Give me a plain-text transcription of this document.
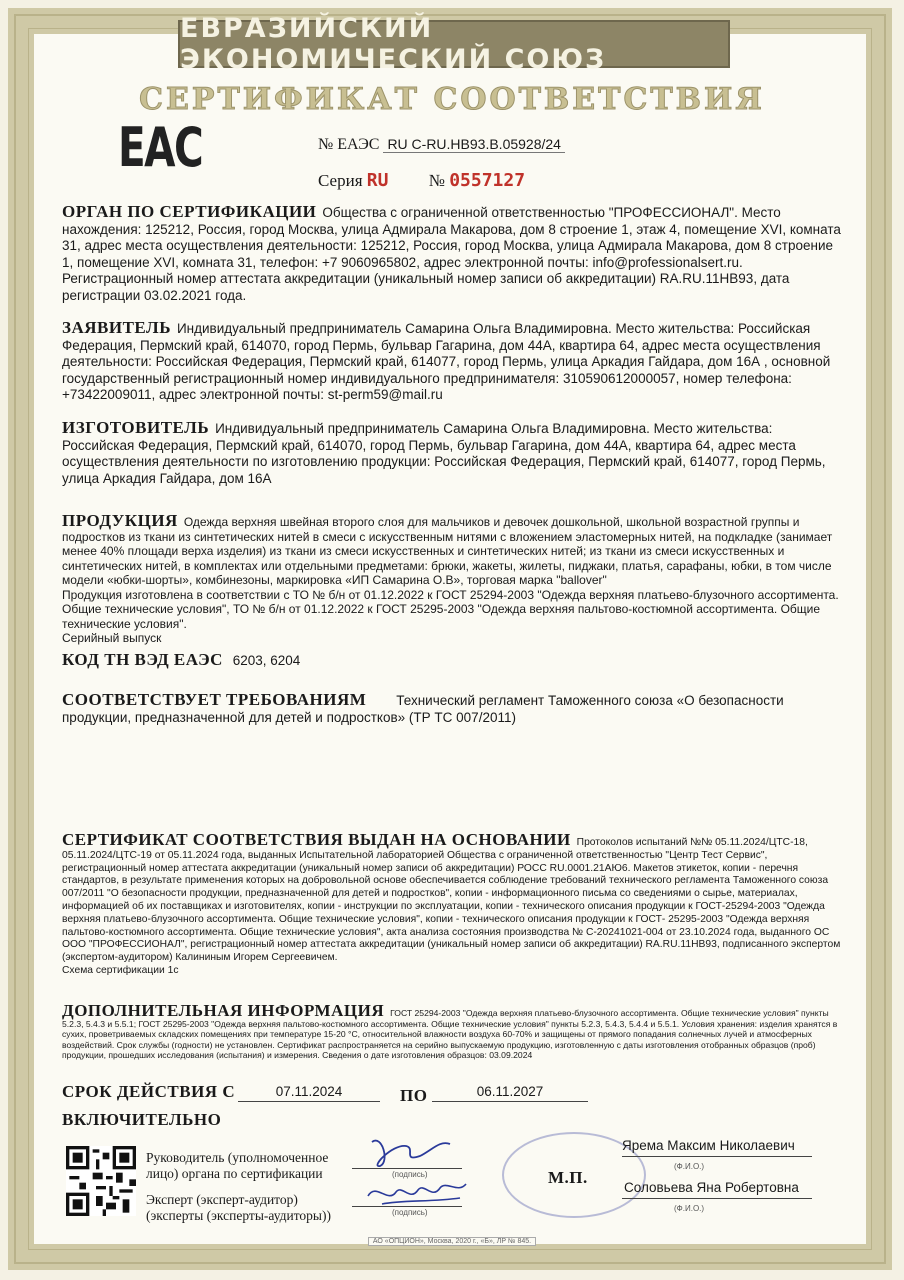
ЕВРАЗИЙСКИЙ ЭКОНОМИЧЕСКИЙ СОЮЗ
СЕРТИФИКАТ СООТВЕТСТВИЯ
ЕАС	№ ЕАЭС RU C-RU.НВ93.В.05928/24
Серия RU № 0557127
ОРГАН ПО СЕРТИФИКАЦИИ Общества с ограниченной ответственностью "ПРОФЕССИОНАЛ". Место нахождения: 125212, Россия, город Москва, улица Адмирала Макарова, дом 8 строение 1, этаж 4, помещение XVI, комната 31, адрес места осуществления деятельности: 125212, Россия, город Москва, улица Адмирала Макарова, дом 8 строение 1, помещение XVI, комната 31, телефон: +7 9060965802, адрес электронной почты: info@professionalsert.ru. Регистрационный номер аттестата аккредитации (уникальный номер записи об аккредитации) RA.RU.11НВ93, дата регистрации 03.02.2021 года.
ЗАЯВИТЕЛЬ Индивидуальный предприниматель Самарина Ольга Владимировна. Место жительства: Российская Федерация, Пермский край, 614070, город Пермь, бульвар Гагарина, дом 44А, квартира 64, адрес места осуществления деятельности: Российская Федерация, Пермский край, 614077, город Пермь, улица Аркадия Гайдара, дом 16А , основной государственный регистрационный номер индивидуального предпринимателя: 310590612000057, номер телефона: +73422009011, адрес электронной почты: st-perm59@mail.ru
ИЗГОТОВИТЕЛЬ Индивидуальный предприниматель Самарина Ольга Владимировна. Место жительства: Российская Федерация, Пермский край, 614070, город Пермь, бульвар Гагарина, дом 44А, квартира 64, адрес места осуществления деятельности по изготовлению продукции: Российская Федерация, Пермский край, 614077, город Пермь, улица Аркадия Гайдара, дом 16А
ПРОДУКЦИЯ Одежда верхняя швейная второго слоя для мальчиков и девочек дошкольной, школьной возрастной группы и подростков из ткани из синтетических нитей в смеси с искусственным нитями с вложением эластомерных нитей, на подкладке (занимает менее 40% площади верха изделия) из ткани из смеси искусственных и синтетических нитей; из ткани из смеси искусственных и синтетических нитей, в комплектах или отдельными предметами: брюки, жакеты, жилеты, пиджаки, платья, сарафаны, юбки, в том числе модели «юбки-шорты», комбинезоны, маркировка «ИП Самарина О.В», торговая марка "ballover"
Продукция изготовлена в соответствии с ТО № б/н от 01.12.2022 к ГОСТ 25294-2003 "Одежда верхняя платьево-блузочного ассортимента. Общие технические условия", ТО № б/н от 01.12.2022 к ГОСТ 25295-2003 "Одежда верхняя пальтово-костюмной ассортимента. Общие технические условия".
Серийный выпуск
КОД ТН ВЭД ЕАЭС 6203, 6204
СООТВЕТСТВУЕТ ТРЕБОВАНИЯМ Технический регламент Таможенного союза «О безопасности продукции, предназначенной для детей и подростков» (ТР ТС 007/2011)
СЕРТИФИКАТ СООТВЕТСТВИЯ ВЫДАН НА ОСНОВАНИИ Протоколов испытаний №№ 05.11.2024/ЦТС-18, 05.11.2024/ЦТС-19 от 05.11.2024 года, выданных Испытательной лабораторией Общества с ограниченной ответственностью "Центр Тест Сервис", регистрационный номер аттестата аккредитации (уникальный номер записи об аккредитации) РОСС RU.0001.21АЮ6. Макетов этикеток, копии - перечня стандартов, в результате применения которых на добровольной основе обеспечивается соблюдение требований технического регламента Таможенного союза 007/2011 "О безопасности продукции, предназначенной для детей и подростков", копии - информационного письма со сведениями о сырье, материалах, информацией об их поставщиках и изготовителях, копии - инструкции по эксплуатации, копии - технического описания продукции к ГОСТ-25294-2003 "Одежда верхняя платьево-блузочного ассортимента. Общие технические условия", копии - технического описания продукции к ГОСТ- 25295-2003 "Одежда верхняя пальтово-костюмного ассортимента. Общие технические условия", акта анализа состояния производства № С-20241021-004 от 23.10.2024 года, выданного ОС ООО "ПРОФЕССИОНАЛ", регистрационный номер аттестата аккредитации (уникальный номер записи об аккредитации) RA.RU.11НВ93, подписанного экспертом (экспертом-аудитором) Калининым Игорем Сергеевичем.
Схема сертификации 1с
ДОПОЛНИТЕЛЬНАЯ ИНФОРМАЦИЯ ГОСТ 25294-2003 "Одежда верхняя платьево-блузочного ассортимента. Общие технические условия" пункты 5.2.3, 5.4.3 и 5.5.1; ГОСТ 25295-2003 "Одежда верхняя пальтово-костюмного ассортимента. Общие технические условия" пункты 5.2.3, 5.4.3, 5.4.4 и 5.5.1. Условия хранения: изделия хранятся в сухих, проветриваемых складских помещениях при температуре 15-20 °С, относительной влажности воздуха 60-70% и защищены от прямого попадания солнечных лучей и атмосферных воздействий. Срок службы (годности) не установлен. Сертификат распространяется на серийно выпускаемую продукцию, изготовленную с даты изготовления отобранных образцов (проб) продукции, прошедших исследования (испытания) и измерения. Сведения о дате изготовления образцов: 03.09.2024
СРОК ДЕЙСТВИЯ С	07.11.2024	ПО	06.11.2027
ВКЛЮЧИТЕЛЬНО
Руководитель (уполномоченное
лицо) органа по сертификации	(подпись)
Ярема Максим Николаевич
(Ф.И.О.)
М.П.
Эксперт (эксперт-аудитор)
(эксперты (эксперты-аудиторы))	(подпись)
Соловьева Яна Робертовна
(Ф.И.О.)
АО «ОПЦИОН», Москва, 2020 г., «Б», ЛР № 845.
